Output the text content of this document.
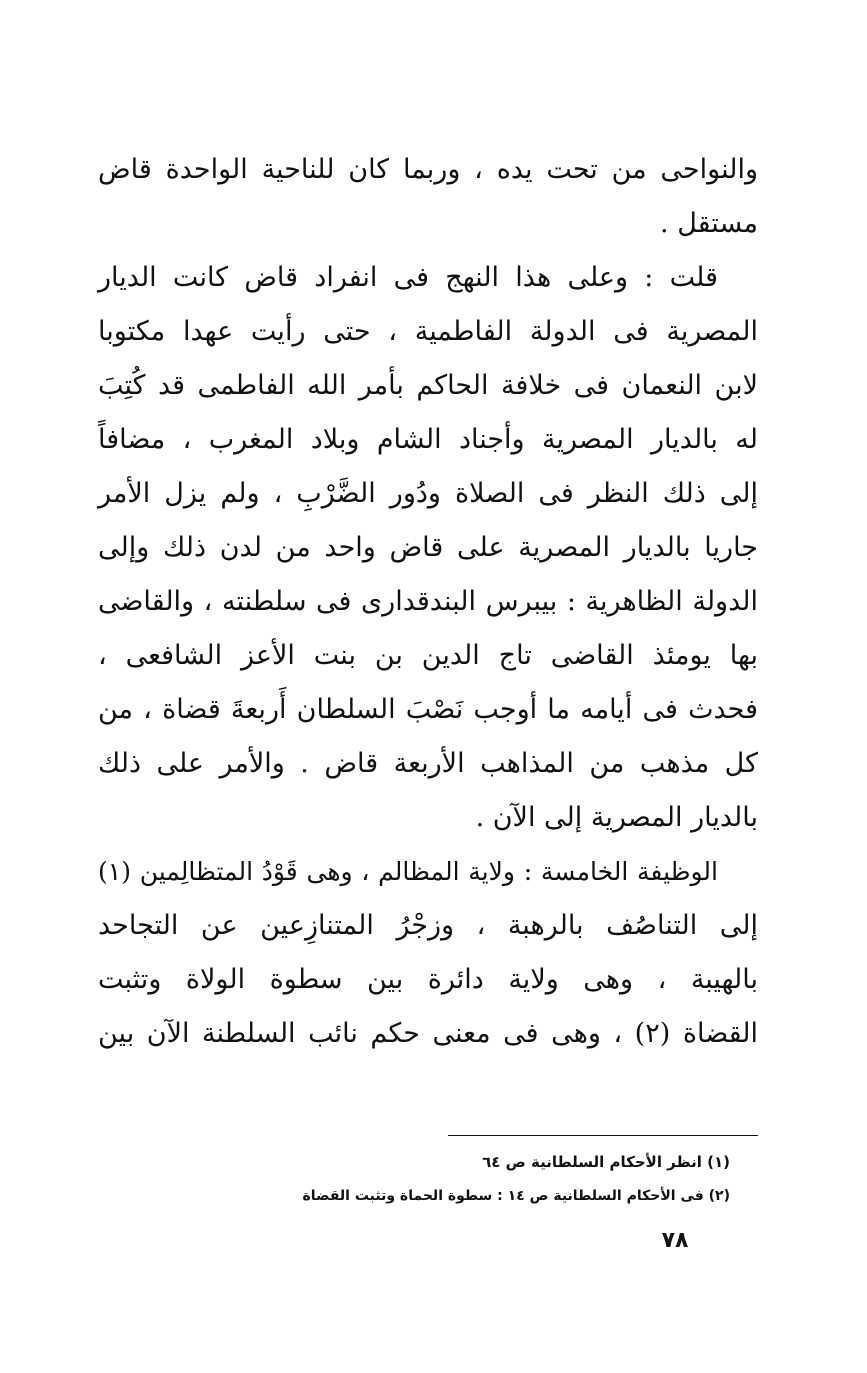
والنواحى من تحت يده ، وربما كان للناحية الواحدة قاض
مستقل .
قلت : وعلى هذا النهج فى انفراد قاض كانت الديار
المصرية فى الدولة الفاطمية ، حتى رأيت عهدا مكتوبا
لابن النعمان فى خلافة الحاكم بأمر الله الفاطمى قد كُتِبَ
له بالديار المصرية وأجناد الشام وبلاد المغرب ، مضافاً
إلى ذلك النظر فى الصلاة ودُور الضَّرْبِ ، ولم يزل الأمر
جاريا بالديار المصرية على قاض واحد من لدن ذلك وإلى
الدولة الظاهرية : بيبرس البندقدارى فى سلطنته ، والقاضى
بها يومئذ القاضى تاج الدين بن بنت الأعز الشافعى ،
فحدث فى أيامه ما أوجب نَصْبَ السلطان أَربعةَ قضاة ، من
كل مذهب من المذاهب الأربعة قاض . والأمر على ذلك
بالديار المصرية إلى الآن .
الوظيفة الخامسة : ولاية المظالم ، وهى قَوْدُ المتظالِمين (١)
إلى التناصُف بالرهبة ، وزجْرُ المتنازِعين عن التجاحد
بالهيبة ، وهى ولاية دائرة بين سطوة الولاة وتثبت
القضاة (٢) ، وهى فى معنى حكم نائب السلطنة الآن بين
(١) انظر الأحكام السلطانية ص ٦٤
(٢) فى الأحكام السلطانية ص ١٤ : سطوة الحماة وتثبت القضاة
٧٨
